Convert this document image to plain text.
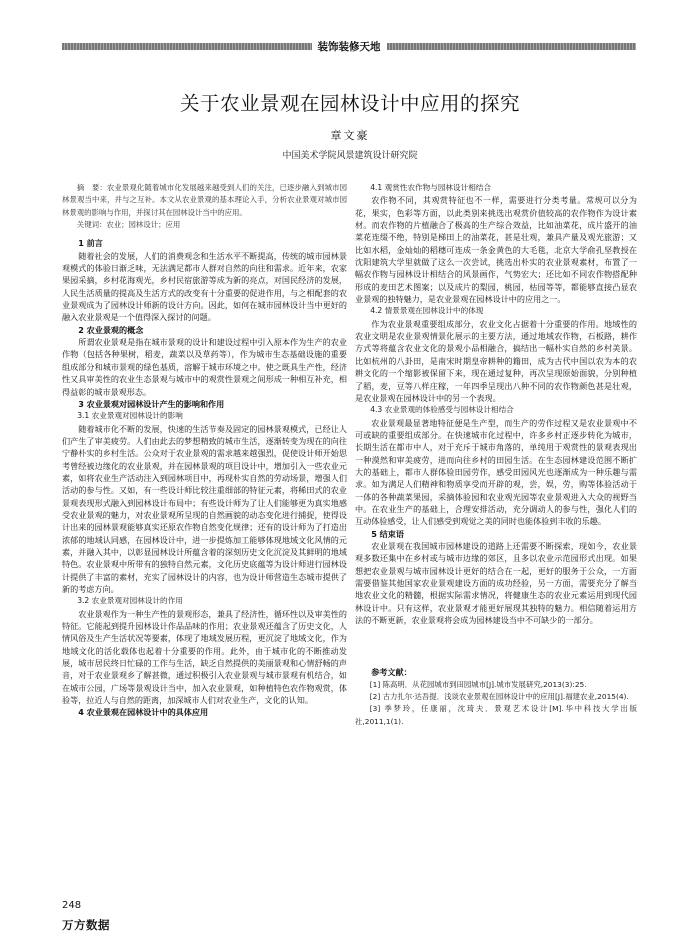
装饰装修天地
关于农业景观在园林设计中应用的探究
章文豪
中国美术学院风景建筑设计研究院

摘　要：农业景观化随着城市化发展越来越受到人们的关注，已逐步融入到城市园林景观当中来，并与之互补。本文从农业景观的基本理论入手，分析农业景观对城市园林景观的影响与作用，并探讨其在园林设计当中的应用。

关键词：农业；园林设计；应用

1 前言

随着社会的发展，人们的消费观念和生活水平不断提高，传统的城市园林景观模式的体验日渐乏味，无法满足都市人群对自然的向往和需求。近年来，农家果园采摘，乡村花海观光，乡村民宿旅游等成为新的亮点，对国民经济的发展，人民生活质量的提高及生活方式的改变有十分重要的促进作用，与之相配套的农业景观成为了园林设计师新的设计方向。因此，如何在城市园林设计当中更好的融入农业景观是一个值得深入探讨的问题。

2 农业景观的概念

所谓农业景观是指在城市景观的设计和建设过程中引入原本作为生产的农业作物（包括各种果树，稻麦，蔬菜以及草药等），作为城市生态基础设施的重要组成部分和城市景观的绿色基质，溶解于城市环境之中。使之既具生产性，经济性又具审美性的农业生态景观与城市中的观赏性景观之间形成一种相互补充，相得益彰的城市景观形态。

3 农业景观对园林设计产生的影响和作用

3.1 农业景观对园林设计的影响

随着城市化不断的发展，快速的生活节奏及固定的园林景观模式，已经让人们产生了审美疲劳。人们由此去的梦想精致的城市生活，逐渐转变为现在的向往宁静朴实的乡村生活。公众对于农业景观的需求越来越强烈，促使设计师开始思考曾经被边缘化的农业景观，并在园林景观的项目设计中，增加引入一些农业元素，如将农业生产活动注入到园林项目中，再现朴实自然的劳动场景，增强人们活动的参与性。又如，有一些设计师比较注重细部的特征元素，将稀田式的农业景观表现形式融入到园林设计布局中；有些设计师为了让人们能够更为真实地感受农业景观的魅力，对农业景观所呈现的自然画貌的动态变化进行捕捉，使得设计出来的园林景观能够真实还原农作物自然变化规律；还有的设计师为了打造出浓郁的地域认同感，在园林设计中，进一步提炼加工能够体现地域文化风情的元素，并融入其中，以彰显园林设计所蕴含着的深刻历史文化沉淀及其鲜明的地域特色。农业景观中所带有的独特自然元素，文化历史底蕴等为设计师进行园林设计提供了丰富的素材，充实了园林设计的内容，也为设计师营造生态城市提供了新的考虑方向。

3.2 农业景观对园林设计的作用

农业景观作为一种生产性的景观形态，兼具了经济性，循环性以及审美性的特征。它能起到提升园林设计作品品味的作用；农业景观还蕴含了历史文化，人情风俗及生产生活状况等要素，体现了地域发展历程，更沉淀了地域文化，作为地域文化的活化载体也起着十分重要的作用。此外，由于城市化的不断推动发展，城市居民终日忙碌的工作与生活，缺乏自然提供的美丽景观和心情舒畅的声音，对于农业景观乡了解甚微，通过积极引入农业景观与城市景观有机结合，如在城市公园，广场等景观设计当中，加入农业景观，如种植特色农作物观赏，体验等，拉近人与自然的距离，加深城市人们对农业生产，文化的认知。

4 农业景观在园林设计中的具体应用

4.1 观赏性农作物与园林设计相结合

农作物不同，其观赏特征也不一样，需要进行分类考量。常规可以分为花，果实，色彩等方面，以此类别来挑选出观赏价值较高的农作物作为设计素材。而农作物的片植融合了极高的生产综合效益，比如油菜花，成片盛开的油菜花连缀不绝，特别是梯田上的油菜花，甚是壮观，兼具产量及观光旅游；又比如水稻，金灿灿的稻穗可连成一条金黄色的大毛毯，北京大学俞孔坚教授在沈阳建筑大学里就做了这么一次尝试，挑选出朴实的农业景观素材，布置了一幅农作物与园林设计相结合的风景画作，气势宏大；还比如不同农作物搭配种形成的麦田艺术图案；以及成片的梨园，桃园，枯园等等，都能够直接凸显农业景观的独特魅力，是农业景观在园林设计中的应用之一。

4.2 情景景观在园林设计中的体现

作为农业景观重要组成部分，农业文化占据着十分重要的作用。地域性的农业文明是农业景观情景化展示的主要方法，通过地域农作物，石板路，耕作方式等将蕴含农业文化的景观小品相融合，搞结出一幅朴实自然的乡村美景。比如杭州的八卦田，是南宋时期皇帝耕种的籍田，成为古代中国以农为本的农耕文化的一个缩影被保留下来，现在通过复种，再次呈现原始面貌，分别种植了稻，麦，豆等八样庄稼，一年四季呈现出八种不同的农作物颜色甚是壮观，是农业景观在园林设计中的另一个表现。

4.3 农业景观的体验感受与园林设计相结合

农业景观最显著地特征便是生产型，而生产的劳作过程又是农业景观中不可或缺的重要组成部分。在快速城市化过程中，许多乡村正逐步转化为城市，长期生活在都市中人，对于充斥于城市角落的，单纯用于观赏性的景观表现出一种漠然和审美疲劳，进而向往乡村的田园生活。在生态园林建设范围不断扩大的基础上，都市人群体验田园劳作，感受田园风光也逐渐成为一种乐趣与需求。如为满足人们精神和物质享受而开辟的观，尝，娱，劳，购等体验活动于一体的各种蔬菜果园，采摘体验园和农业观光园等农业景观进入大众的视野当中。在农业生产的基础上，合理安排活动，充分调动人的参与性，强化人们的互动体验感受，让人们感受到观觉之美的同时也能体验到丰收的乐趣。

5 结束语

农业景观在我国城市园林建设的道路上还需要不断探索，现如今，农业景观多数还集中在乡村或与城市边缘的郊区，且多以农业示范园形式出现。如果想把农业景观与城市园林设计更好的结合在一起，更好的服务于公众，一方面需要借鉴其他国家农业景观建设方面的成功经验，另一方面，需要充分了解当地农业文化的精髓，根据实际需求情况，将健康生态的农业元素运用到现代园林设计中。只有这样，农业景观才能更好展现其独特的魅力。相信随着运用方法的不断更新，农业景观将会成为园林建设当中不可缺少的一部分。

参考文献：

[1] 陈高明．从花园城市到田园城市[J].城市发展研究,2013(3):25.

[2] 古力扎尔·达吾提．浅谈农业景观在园林设计中的应用[J].福建农业,2015(4).

[3] 季梦玲，任康丽，沈琦夫．景观艺术设计[M].华中科技大学出版社,2011,1(1).

248
万方数据
